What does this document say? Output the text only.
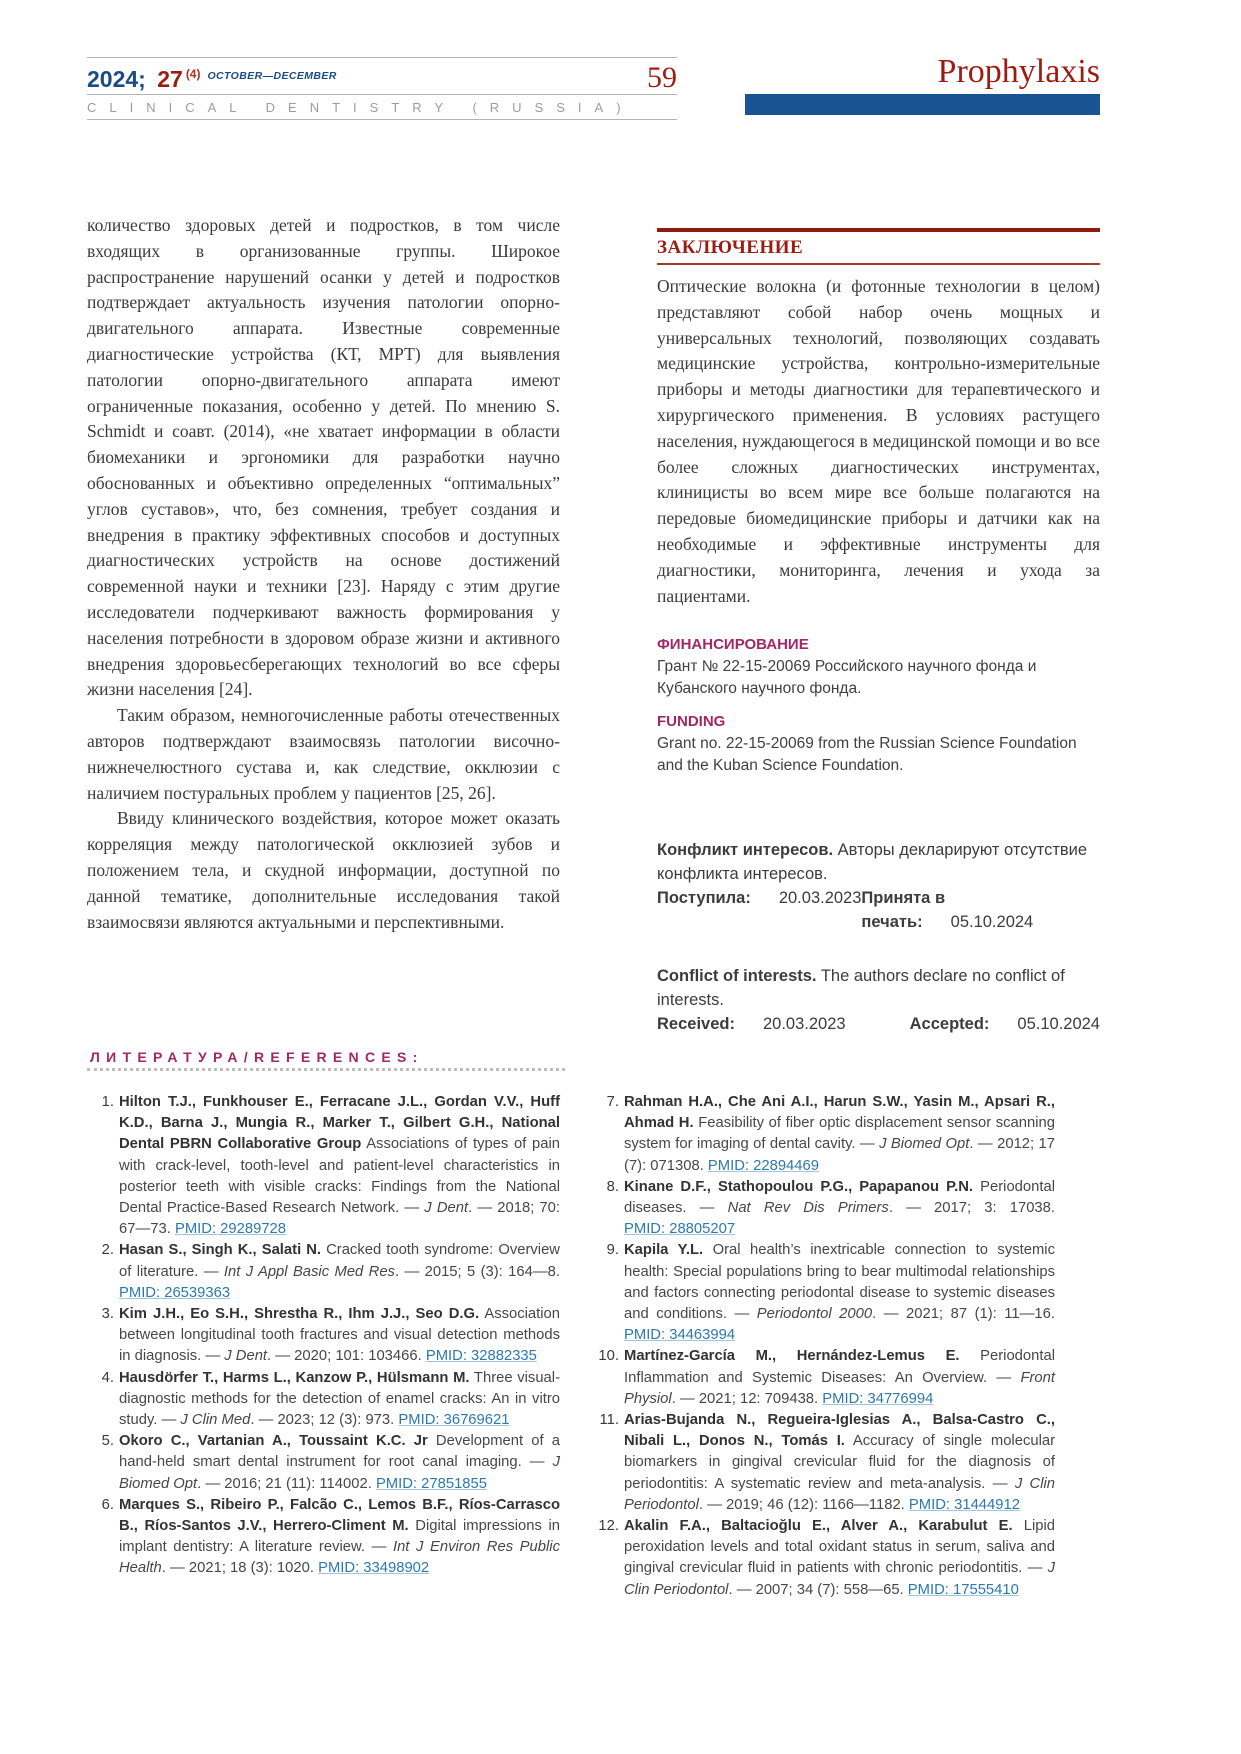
2024; 27 $^{(4)}$ $^{OCTOBER—DECEMBER}$	59
CLINICAL DENTISTRY (RUSSIA)
Prophylaxis

количество здоровых детей и подростков, в том числе входящих в организованные группы. Широкое распространение нарушений осанки у детей и подростков подтверждает актуальность изучения патологии опорно-двигательного аппарата. Известные современные диагностические устройства (КТ, МРТ) для выявления патологии опорно-двигательного аппарата имеют ограниченные показания, особенно у детей. По мнению S. Schmidt и соавт. (2014), «не хватает информации в области биомеханики и эргономики для разработки научно обоснованных и объективно определенных “оптимальных” углов суставов», что, без сомнения, требует создания и внедрения в практику эффективных способов и доступных диагностических устройств на основе достижений современной науки и техники [23]. Наряду с этим другие исследователи подчеркивают важность формирования у населения потребности в здоровом образе жизни и активного внедрения здоровьесберегающих технологий во все сферы жизни населения [24].

Таким образом, немногочисленные работы отечественных авторов подтверждают взаимосвязь патологии височно-нижнечелюстного сустава и, как следствие, окклюзии с наличием постуральных проблем у пациентов [25, 26].

Ввиду клинического воздействия, которое может оказать корреляция между патологической окклюзией зубов и положением тела, и скудной информации, доступной по данной тематике, дополнительные исследования такой взаимосвязи являются актуальными и перспективными.

ЗАКЛЮЧЕНИЕ

Оптические волокна (и фотонные технологии в целом) представляют собой набор очень мощных и универсальных технологий, позволяющих создавать медицинские устройства, контрольно-измерительные приборы и методы диагностики для терапевтического и хирургического применения. В условиях растущего населения, нуждающегося в медицинской помощи и во все более сложных диагностических инструментах, клиницисты во всем мире все больше полагаются на передовые биомедицинские приборы и датчики как на необходимые и эффективные инструменты для диагностики, мониторинга, лечения и ухода за пациентами.

ФИНАНСИРОВАНИЕ

Грант № 22-15-20069 Российского научного фонда и Кубанского научного фонда.

FUNDING

Grant no. 22-15-20069 from the Russian Science Foundation and the Kuban Science Foundation.

Конфликт интересов. Авторы декларируют отсутствие конфликта интересов.

Поступила: 20.03.2023 Принята в печать: 05.10.2024

Conflict of interests. The authors declare no conflict of interests.

Received: 20.03.2023	Accepted: 05.10.2024
ЛИТЕРАТУРА/REFERENCES:
1. Hilton T.J., Funkhouser E., Ferracane J.L., Gordan V.V., Huff K.D., Barna J., Mungia R., Marker T., Gilbert G.H., National Dental PBRN Collaborative Group Associations of types of pain with crack-level, tooth-level and patient-level characteristics in posterior teeth with visible cracks: Findings from the National Dental Practice-Based Research Network. — J Dent. — 2018; 70: 67—73. PMID: 29289728
2. Hasan S., Singh K., Salati N. Cracked tooth syndrome: Overview of literature. — Int J Appl Basic Med Res. — 2015; 5 (3): 164—8. PMID: 26539363
3. Kim J.H., Eo S.H., Shrestha R., Ihm J.J., Seo D.G. Association between longitudinal tooth fractures and visual detection methods in diagnosis. — J Dent. — 2020; 101: 103466. PMID: 32882335
4. Hausdörfer T., Harms L., Kanzow P., Hülsmann M. Three visual-diagnostic methods for the detection of enamel cracks: An in vitro study. — J Clin Med. — 2023; 12 (3): 973. PMID: 36769621
5. Okoro C., Vartanian A., Toussaint K.C. Jr Development of a hand-held smart dental instrument for root canal imaging. — J Biomed Opt. — 2016; 21 (11): 114002. PMID: 27851855
6. Marques S., Ribeiro P., Falcão C., Lemos B.F., Ríos-Carrasco B., Ríos-Santos J.V., Herrero-Climent M. Digital impressions in implant dentistry: A literature review. — Int J Environ Res Public Health. — 2021; 18 (3): 1020. PMID: 33498902
7. Rahman H.A., Che Ani A.I., Harun S.W., Yasin M., Apsari R., Ahmad H. Feasibility of fiber optic displacement sensor scanning system for imaging of dental cavity. — J Biomed Opt. — 2012; 17 (7): 071308. PMID: 22894469
8. Kinane D.F., Stathopoulou P.G., Papapanou P.N. Periodontal diseases. — Nat Rev Dis Primers. — 2017; 3: 17038. PMID: 28805207
9. Kapila Y.L. Oral health’s inextricable connection to systemic health: Special populations bring to bear multimodal relationships and factors connecting periodontal disease to systemic diseases and conditions. — Periodontol 2000. — 2021; 87 (1): 11—16. PMID: 34463994
10. Martínez-García M., Hernández-Lemus E. Periodontal Inflammation and Systemic Diseases: An Overview. — Front Physiol. — 2021; 12: 709438. PMID: 34776994
11. Arias-Bujanda N., Regueira-Iglesias A., Balsa-Castro C., Nibali L., Donos N., Tomás I. Accuracy of single molecular biomarkers in gingival crevicular fluid for the diagnosis of periodontitis: A systematic review and meta-analysis. — J Clin Periodontol. — 2019; 46 (12): 1166—1182. PMID: 31444912
12. Akalin F.A., Baltacioğlu E., Alver A., Karabulut E. Lipid peroxidation levels and total oxidant status in serum, saliva and gingival crevicular fluid in patients with chronic periodontitis. — J Clin Periodontol. — 2007; 34 (7): 558—65. PMID: 17555410
